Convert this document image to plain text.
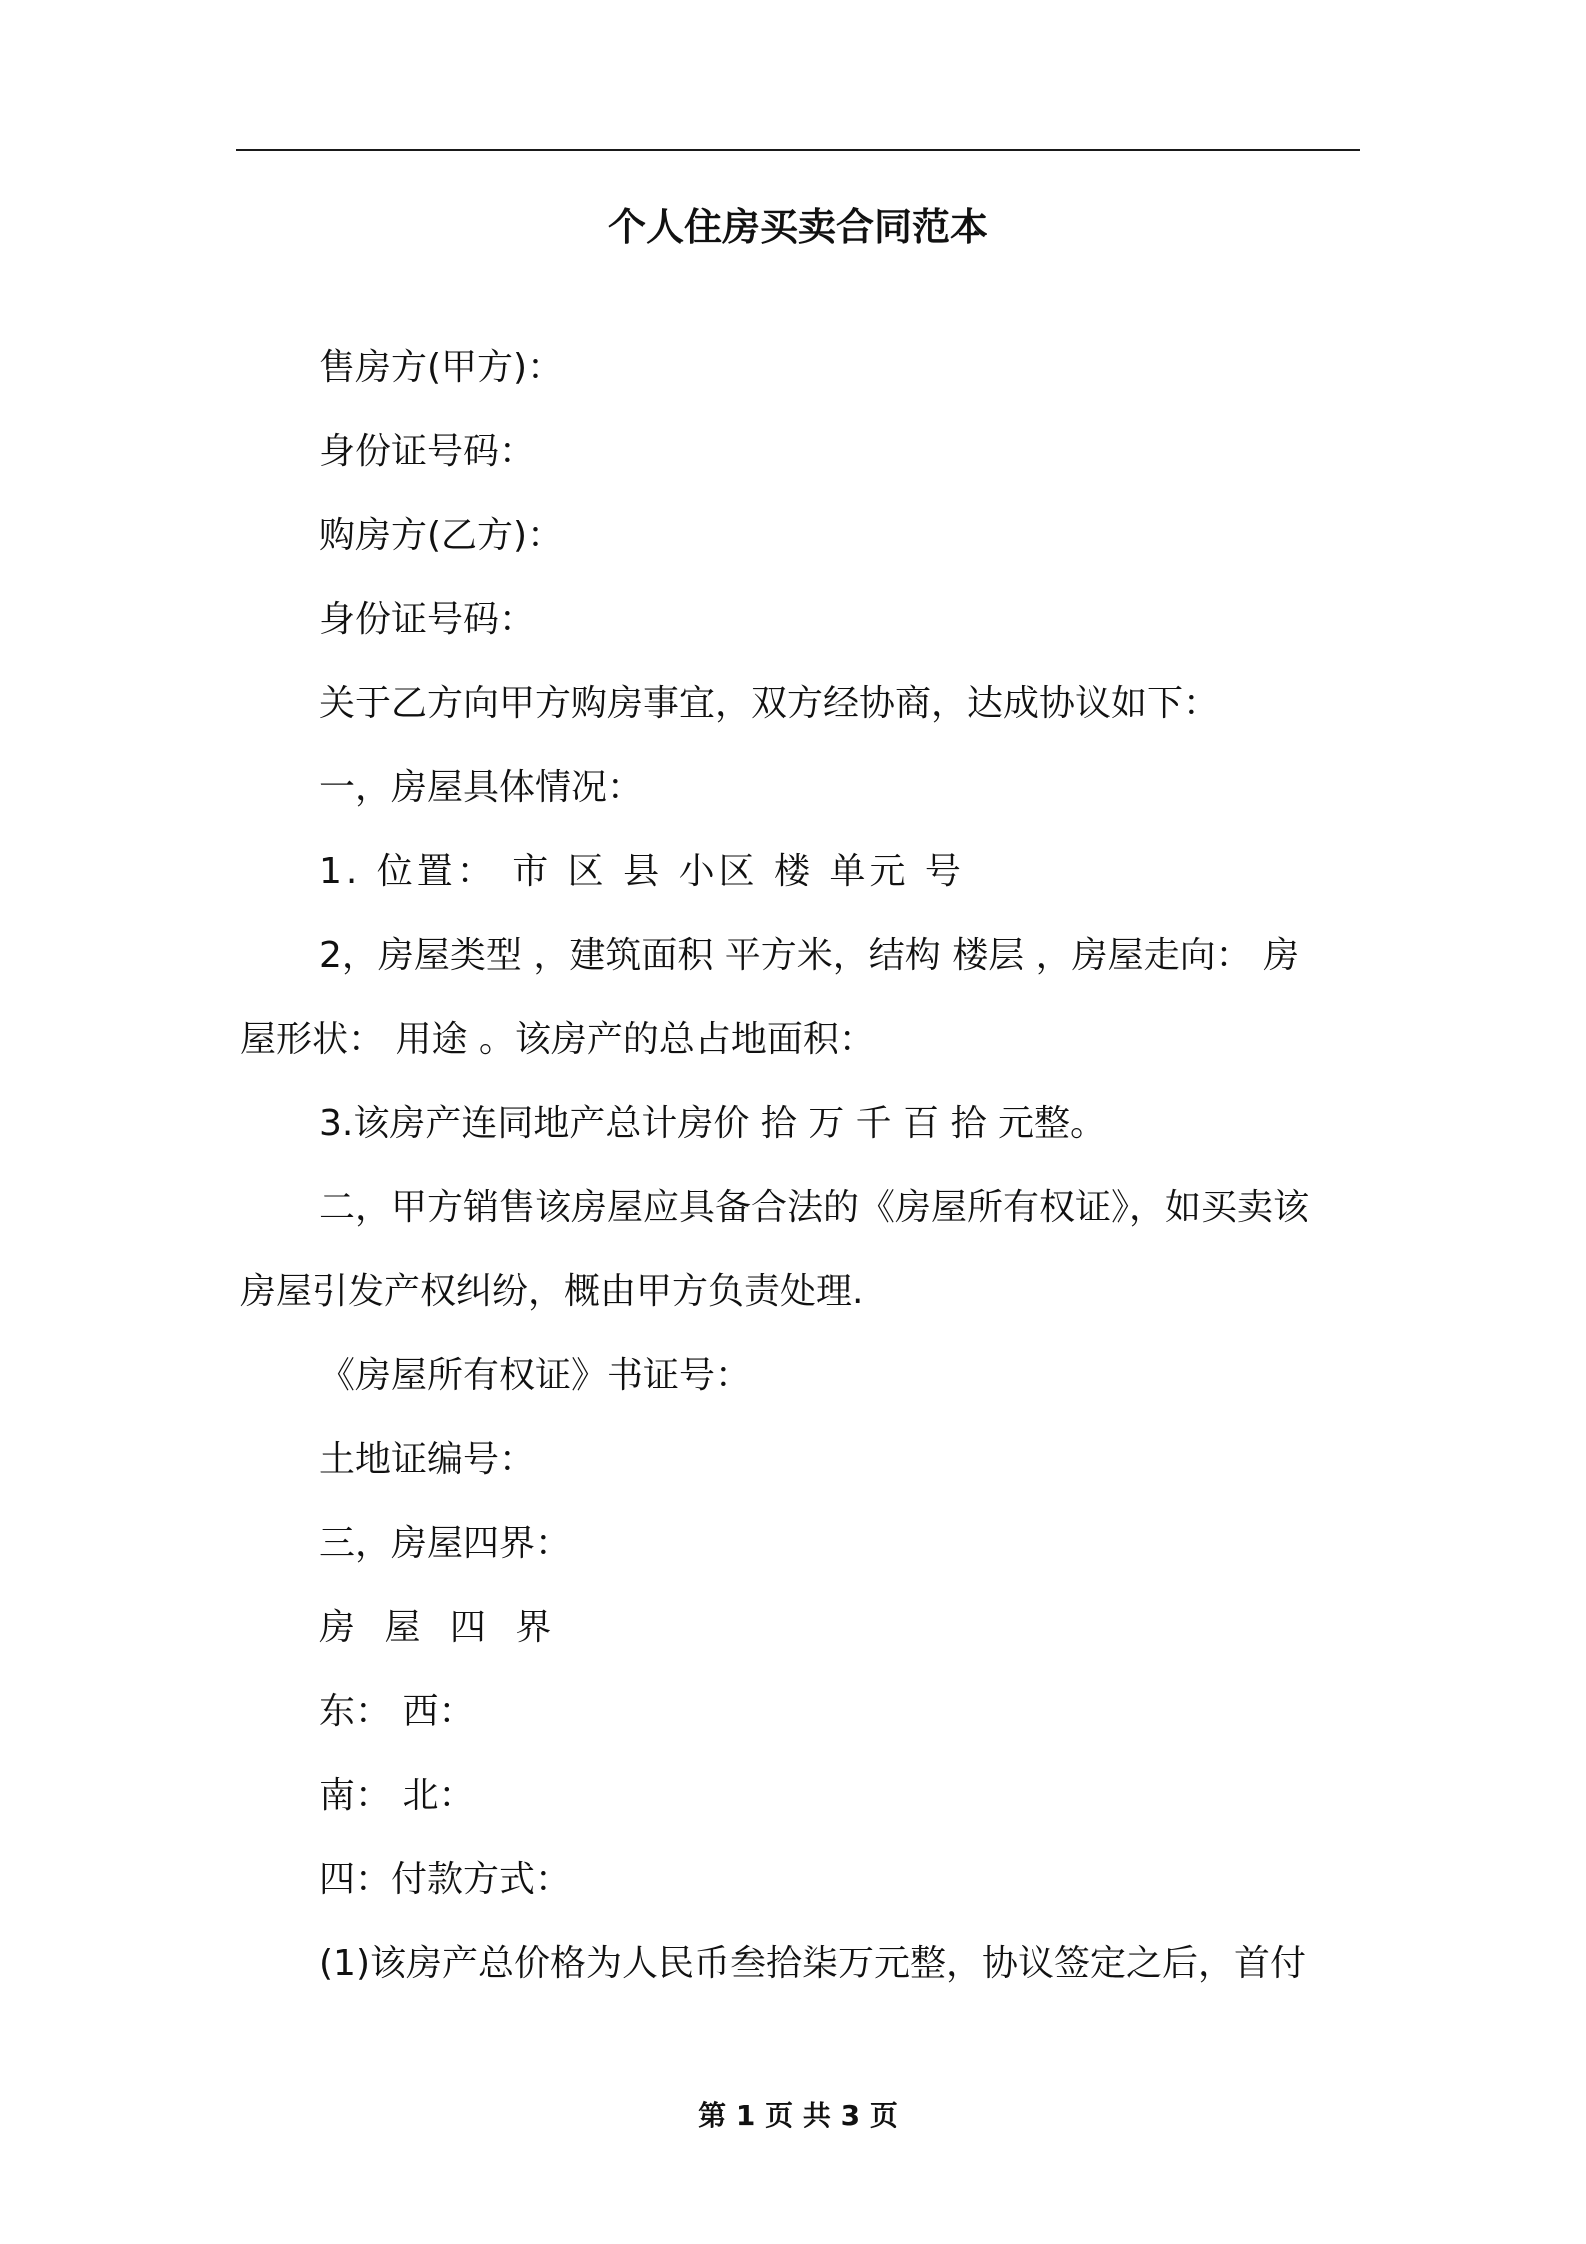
个人住房买卖合同范本
售房方(甲方)：
身份证号码：
购房方(乙方)：
身份证号码：
关于乙方向甲方购房事宜，双方经协商，达成协议如下：
一，房屋具体情况：
1. 位置： 市 区 县 小区 楼 单元 号
2，房屋类型 ，建筑面积 平方米，结构 楼层 ，房屋走向： 房
屋形状： 用途 。该房产的总占地面积：
3.该房产连同地产总计房价 拾 万 千 百 拾 元整。
二，甲方销售该房屋应具备合法的《房屋所有权证》，如买卖该
房屋引发产权纠纷，概由甲方负责处理.
《房屋所有权证》书证号：
土地证编号：
三，房屋四界：
房 屋 四 界
东： 西：
南： 北：
四：付款方式：
(1)该房产总价格为人民币叁拾柒万元整，协议签定之后，首付
第 1 页 共 3 页
